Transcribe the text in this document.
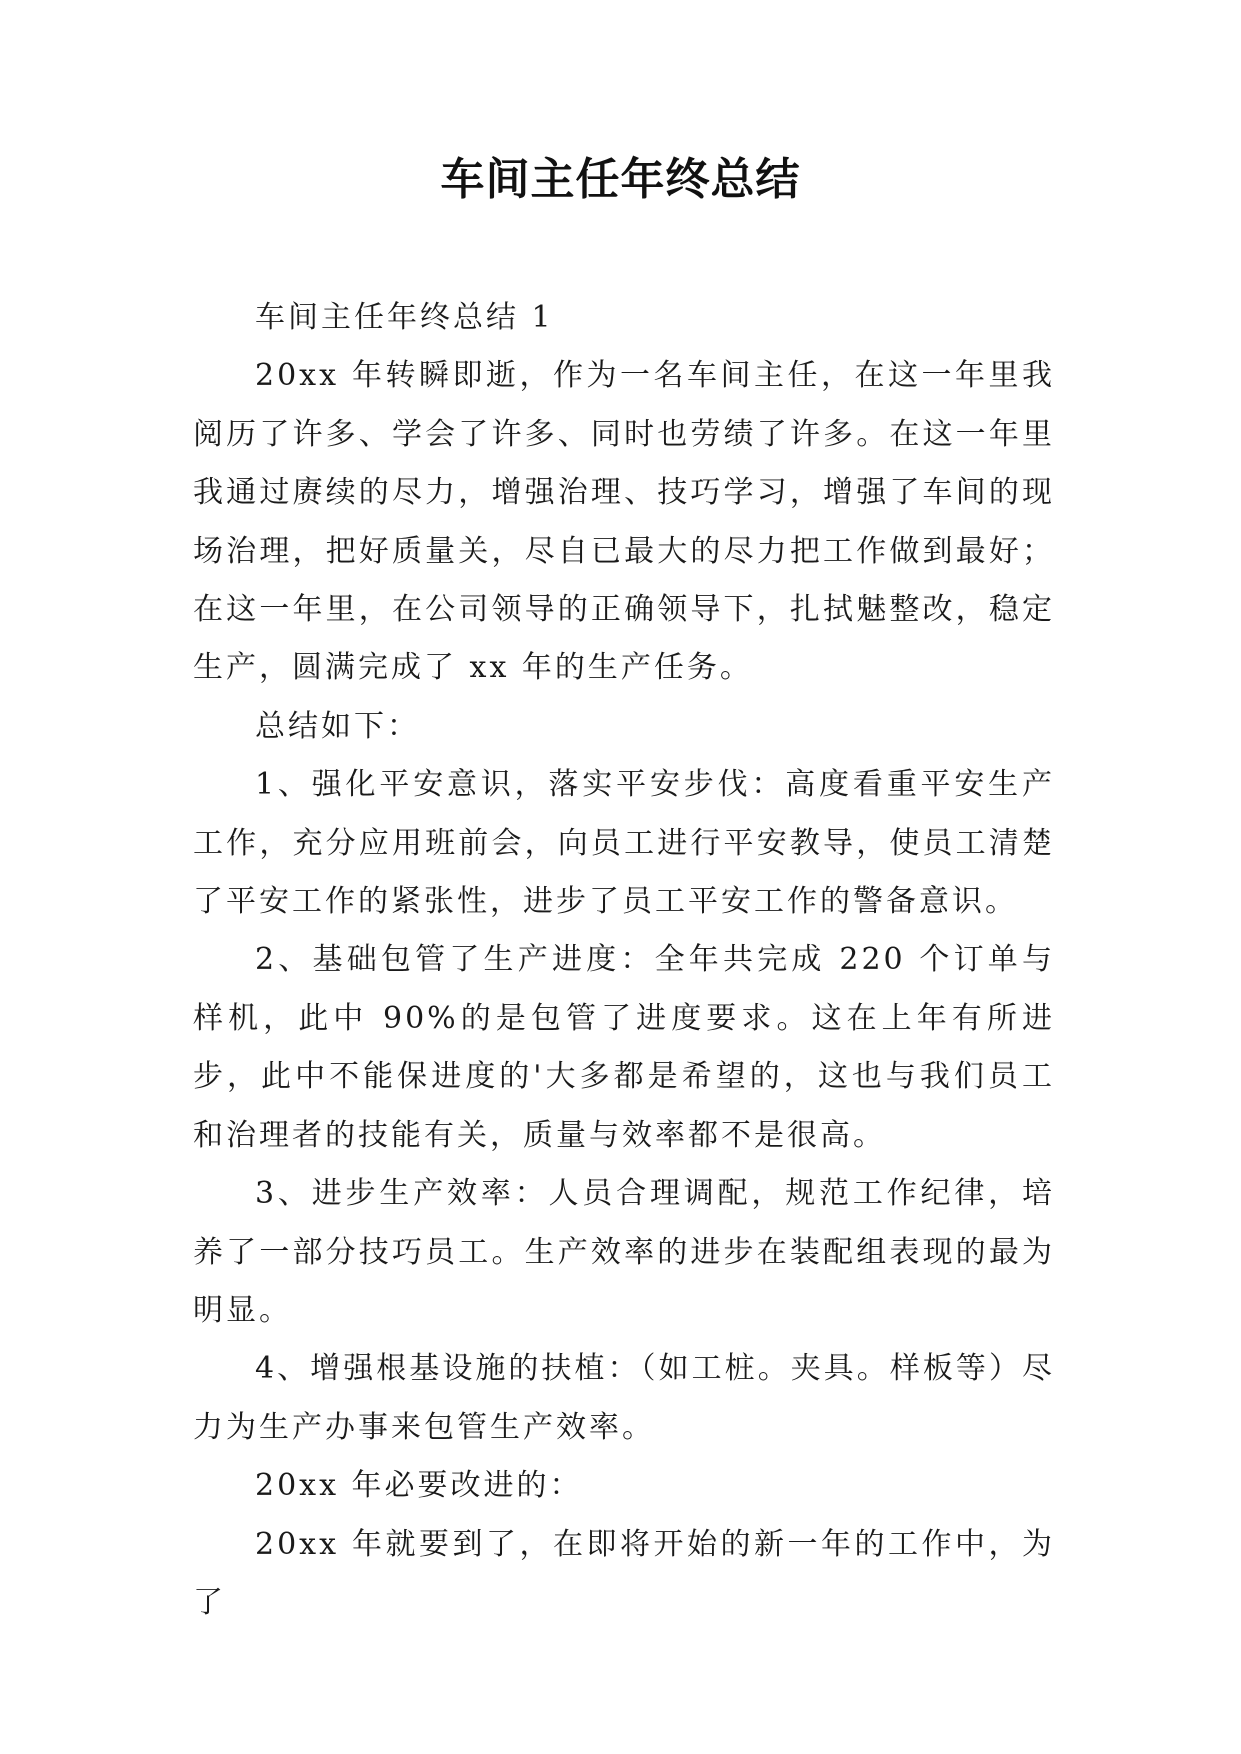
车间主任年终总结

车间主任年终总结 1

20xx 年转瞬即逝，作为一名车间主任，在这一年里我阅历了许多、学会了许多、同时也劳绩了许多。在这一年里我通过赓续的尽力，增强治理、技巧学习，增强了车间的现场治理，把好质量关，尽自已最大的尽力把工作做到最好；在这一年里，在公司领导的正确领导下，扎拭魅整改，稳定生产，圆满完成了 xx 年的生产任务。

总结如下：

1、强化平安意识，落实平安步伐：高度看重平安生产工作，充分应用班前会，向员工进行平安教导，使员工清楚了平安工作的紧张性，进步了员工平安工作的警备意识。

2、基础包管了生产进度：全年共完成 220 个订单与样机，此中 90%的是包管了进度要求。这在上年有所进步，此中不能保进度的'大多都是希望的，这也与我们员工和治理者的技能有关，质量与效率都不是很高。

3、进步生产效率：人员合理调配，规范工作纪律，培养了一部分技巧员工。生产效率的进步在装配组表现的最为明显。

4、增强根基设施的扶植：（如工桩。夹具。样板等）尽力为生产办事来包管生产效率。

20xx 年必要改进的：

20xx 年就要到了，在即将开始的新一年的工作中，为了
